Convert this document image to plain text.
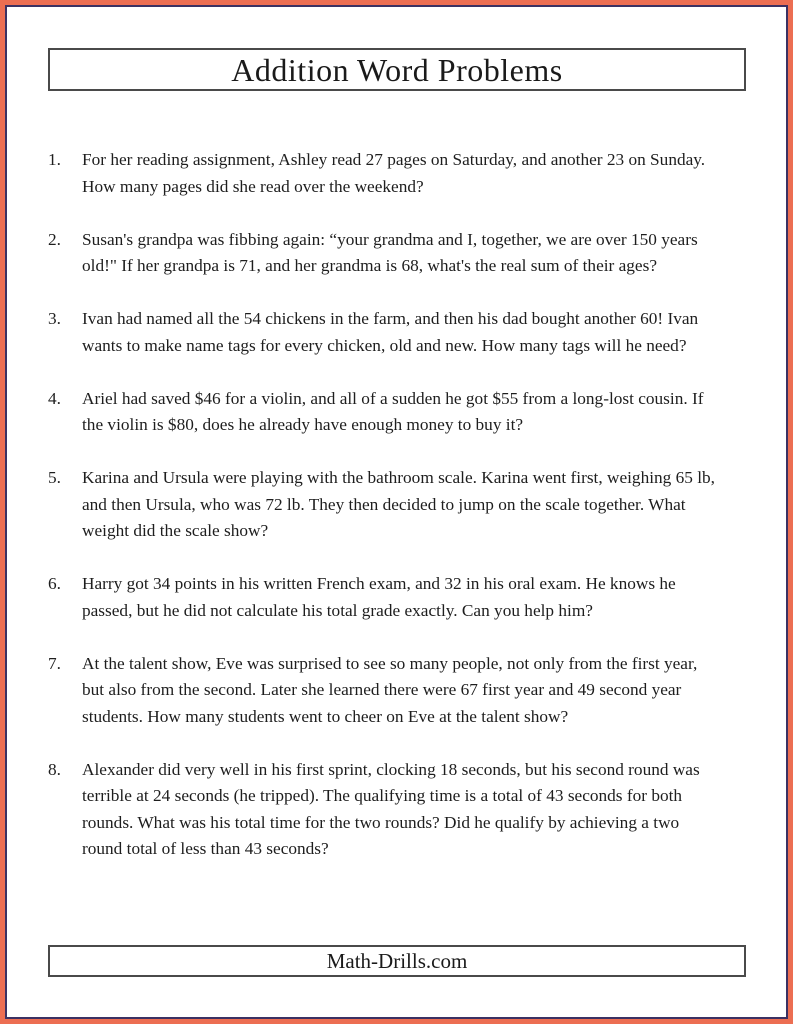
Addition Word Problems
1.	For her reading assignment, Ashley read 27 pages on Saturday, and another 23 on Sunday. How many pages did she read over the weekend?
2.	Susan's grandpa was fibbing again: “your grandma and I, together, we are over 150 years old!" If her grandpa is 71, and her grandma is 68, what's the real sum of their ages?
3.	Ivan had named all the 54 chickens in the farm, and then his dad bought another 60! Ivan wants to make name tags for every chicken, old and new. How many tags will he need?
4.	Ariel had saved $46 for a violin, and all of a sudden he got $55 from a long-lost cousin. If the violin is $80, does he already have enough money to buy it?
5.	Karina and Ursula were playing with the bathroom scale. Karina went first, weighing 65 lb, and then Ursula, who was 72 lb. They then decided to jump on the scale together. What weight did the scale show?
6.	Harry got 34 points in his written French exam, and 32 in his oral exam. He knows he passed, but he did not calculate his total grade exactly. Can you help him?
7.	At the talent show, Eve was surprised to see so many people, not only from the first year, but also from the second. Later she learned there were 67 first year and 49 second year students. How many students went to cheer on Eve at the talent show?
8.	Alexander did very well in his first sprint, clocking 18 seconds, but his second round was terrible at 24 seconds (he tripped). The qualifying time is a total of 43 seconds for both rounds. What was his total time for the two rounds? Did he qualify by achieving a two round total of less than 43 seconds?
Math-Drills.com
